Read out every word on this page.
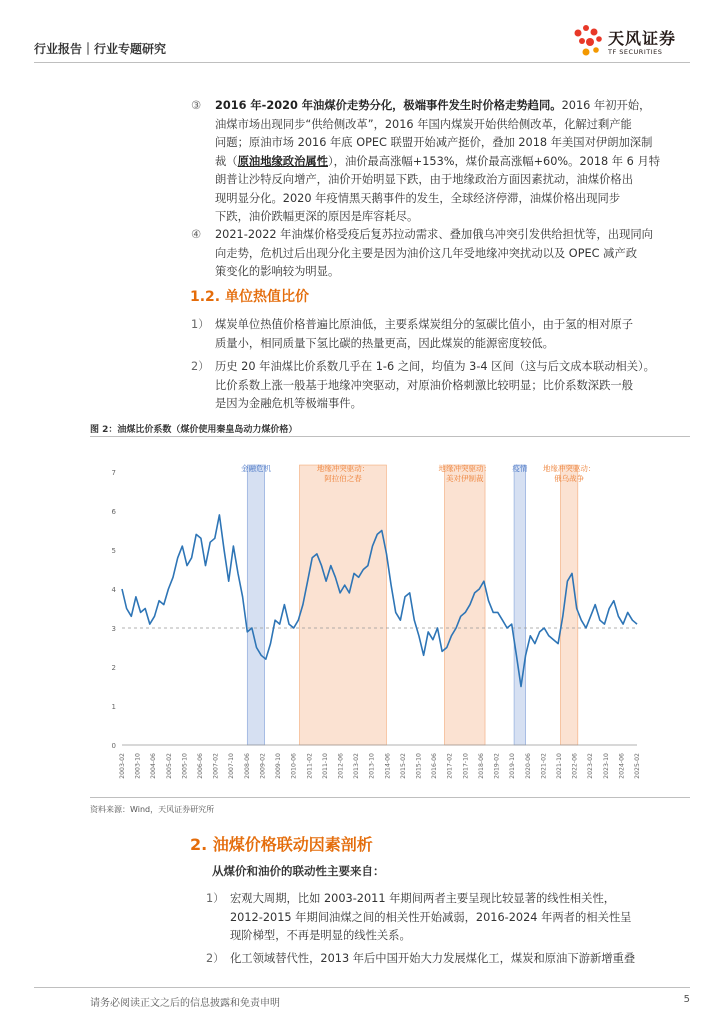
行业报告｜行业专题研究
天风证券
TF SECURITIES
③ 2016 年-2020 年油煤价走势分化，极端事件发生时价格走势趋同。2016 年初开始，
油煤市场出现同步“供给侧改革”，2016 年国内煤炭开始供给侧改革，化解过剩产能
问题；原油市场 2016 年底 OPEC 联盟开始减产挺价，叠加 2018 年美国对伊朗加深制
裁（原油地缘政治属性），油价最高涨幅+153%，煤价最高涨幅+60%。2018 年 6 月特
朗普让沙特反向增产，油价开始明显下跌，由于地缘政治方面因素扰动，油煤价格出
现明显分化。2020 年疫情黑天鹅事件的发生，全球经济停滞，油煤价格出现同步
下跌，油价跌幅更深的原因是库容耗尽。
④ 2021-2022 年油煤价格受疫后复苏拉动需求、叠加俄乌冲突引发供给担忧等，出现同向
向走势，危机过后出现分化主要是因为油价这几年受地缘冲突扰动以及 OPEC 减产政
策变化的影响较为明显。
1.2. 单位热值比价
1） 煤炭单位热值价格普遍比原油低，主要系煤炭组分的氢碳比值小，由于氢的相对原子
质量小，相同质量下氢比碳的热量更高，因此煤炭的能源密度较低。
2） 历史 20 年油煤比价系数几乎在 1-6 之间，均值为 3-4 区间（这与后文成本联动相关）。
比价系数上涨一般基于地缘冲突驱动，对原油价格刺激比较明显；比价系数深跌一般
是因为金融危机等极端事件。
图 2：油煤比价系数（煤价使用秦皇岛动力煤价格）
0
1
2
3
4
5
6
7
2003-02 2003-10 2004-06 2005-02 2005-10 2006-06 2007-02 2007-10 2008-06 2009-02 2009-10 2010-06 2011-02 2011-10 2012-06 2013-02 2013-10 2014-06 2015-02 2015-10 2016-06 2017-02 2017-10 2018-06 2019-02 2019-10 2020-06 2021-02 2021-10 2022-06 2023-02 2023-10 2024-06 2025-02
金融危机	地缘冲突驱动：
阿拉伯之春
地缘冲突驱动：
美对伊制裁
疫情 地缘冲突驱动：
俄乌战争
资料来源：Wind，天风证券研究所
2. 油煤价格联动因素剖析
从煤价和油价的联动性主要来自：
1） 宏观大周期，比如 2003-2011 年期间两者主要呈现比较显著的线性相关性，
2012-2015 年期间油煤之间的相关性开始减弱，2016-2024 年两者的相关性呈
现阶梯型，不再是明显的线性关系。
2） 化工领域替代性，2013 年后中国开始大力发展煤化工，煤炭和原油下游新增重叠
请务必阅读正文之后的信息披露和免责申明	5
